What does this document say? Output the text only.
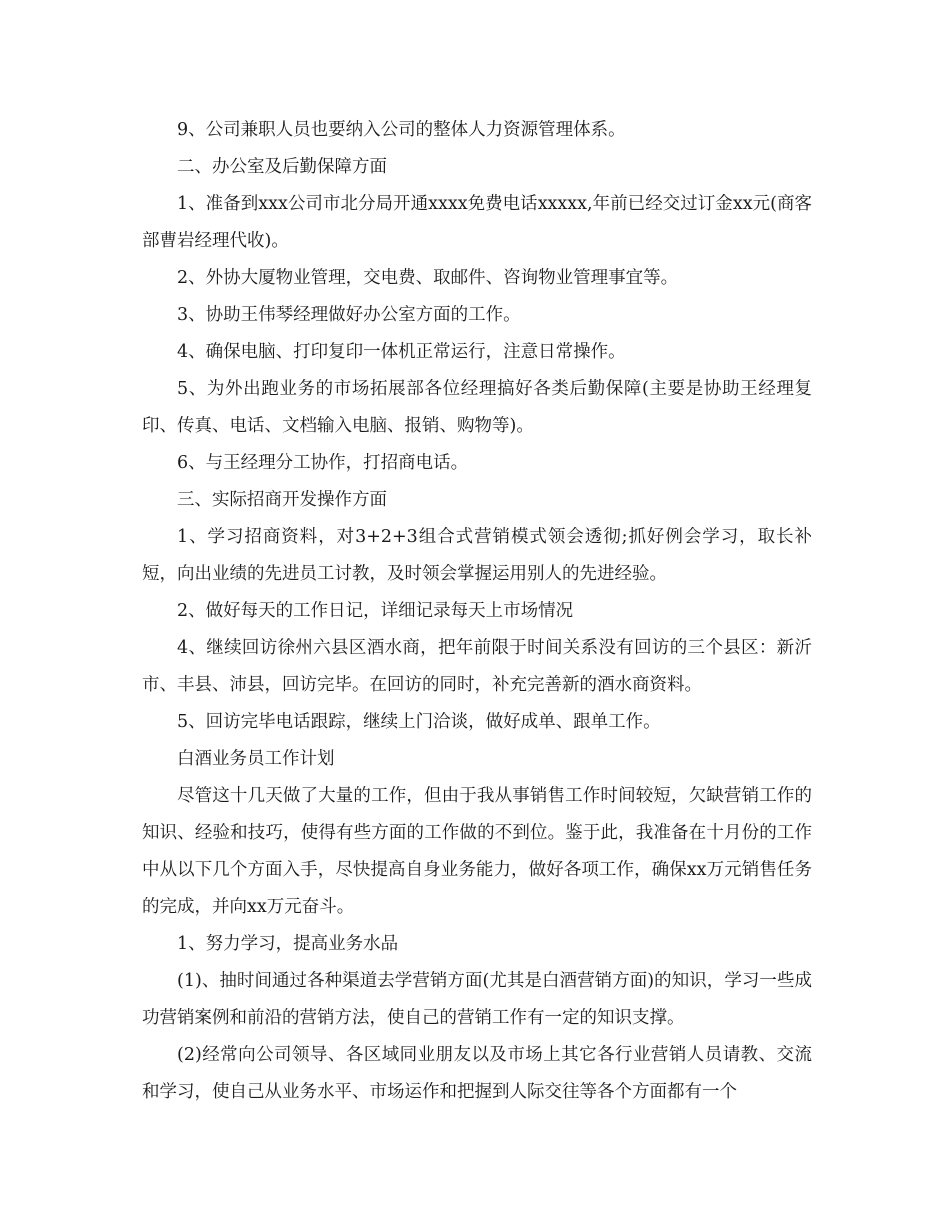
9、公司兼职人员也要纳入公司的整体人力资源管理体系。

二、办公室及后勤保障方面

1、准备到xxx公司市北分局开通xxxx免费电话xxxxx,年前已经交过订金xx元(商客部曹岩经理代收)。

2、外协大厦物业管理，交电费、取邮件、咨询物业管理事宜等。

3、协助王伟琴经理做好办公室方面的工作。

4、确保电脑、打印复印一体机正常运行，注意日常操作。

5、为外出跑业务的市场拓展部各位经理搞好各类后勤保障(主要是协助王经理复印、传真、电话、文档输入电脑、报销、购物等)。

6、与王经理分工协作，打招商电话。

三、实际招商开发操作方面

1、学习招商资料，对3+2+3组合式营销模式领会透彻;抓好例会学习，取长补短，向出业绩的先进员工讨教，及时领会掌握运用别人的先进经验。

2、做好每天的工作日记，详细记录每天上市场情况

4、继续回访徐州六县区酒水商，把年前限于时间关系没有回访的三个县区：新沂市、丰县、沛县，回访完毕。在回访的同时，补充完善新的酒水商资料。

5、回访完毕电话跟踪，继续上门洽谈，做好成单、跟单工作。

白酒业务员工作计划

尽管这十几天做了大量的工作，但由于我从事销售工作时间较短，欠缺营销工作的知识、经验和技巧，使得有些方面的工作做的不到位。鉴于此，我准备在十月份的工作中从以下几个方面入手，尽快提高自身业务能力，做好各项工作，确保xx万元销售任务的完成，并向xx万元奋斗。

1、努力学习，提高业务水品

(1)、抽时间通过各种渠道去学营销方面(尤其是白酒营销方面)的知识，学习一些成功营销案例和前沿的营销方法，使自己的营销工作有一定的知识支撑。

(2)经常向公司领导、各区域同业朋友以及市场上其它各行业营销人员请教、交流和学习，使自己从业务水平、市场运作和把握到人际交往等各个方面都有一个
